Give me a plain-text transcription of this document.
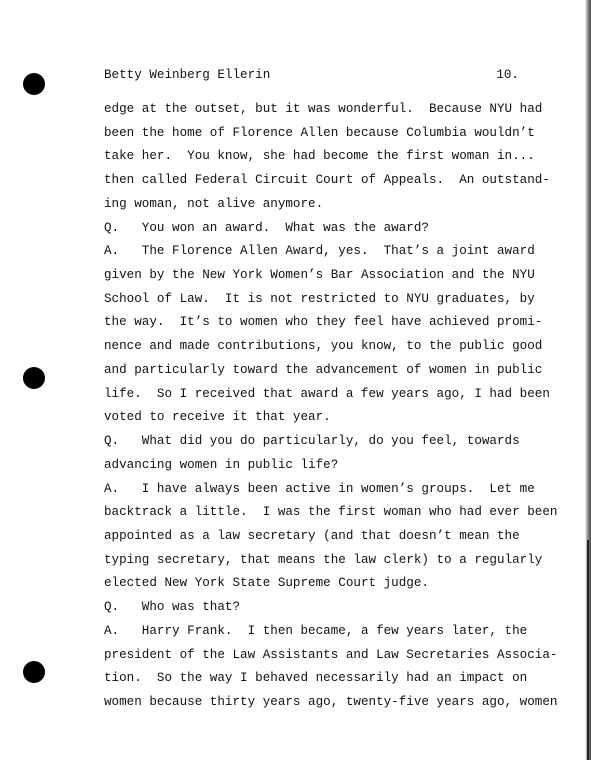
Betty Weinberg Ellerin

	10.

edge at the outset, but it was wonderful.  Because NYU had
been the home of Florence Allen because Columbia wouldn’t
take her.  You know, she had become the first woman in...
then called Federal Circuit Court of Appeals.  An outstand-
ing woman, not alive anymore.
Q.   You won an award.  What was the award?
A.   The Florence Allen Award, yes.  That’s a joint award
given by the New York Women’s Bar Association and the NYU
School of Law.  It is not restricted to NYU graduates, by
the way.  It’s to women who they feel have achieved promi-
nence and made contributions, you know, to the public good
and particularly toward the advancement of women in public
life.  So I received that award a few years ago, I had been
voted to receive it that year.
Q.   What did you do particularly, do you feel, towards
advancing women in public life?
A.   I have always been active in women’s groups.  Let me
backtrack a little.  I was the first woman who had ever been
appointed as a law secretary (and that doesn’t mean the
typing secretary, that means the law clerk) to a regularly
elected New York State Supreme Court judge.
Q.   Who was that?
A.   Harry Frank.  I then became, a few years later, the
president of the Law Assistants and Law Secretaries Associa-
tion.  So the way I behaved necessarily had an impact on
women because thirty years ago, twenty-five years ago, women
